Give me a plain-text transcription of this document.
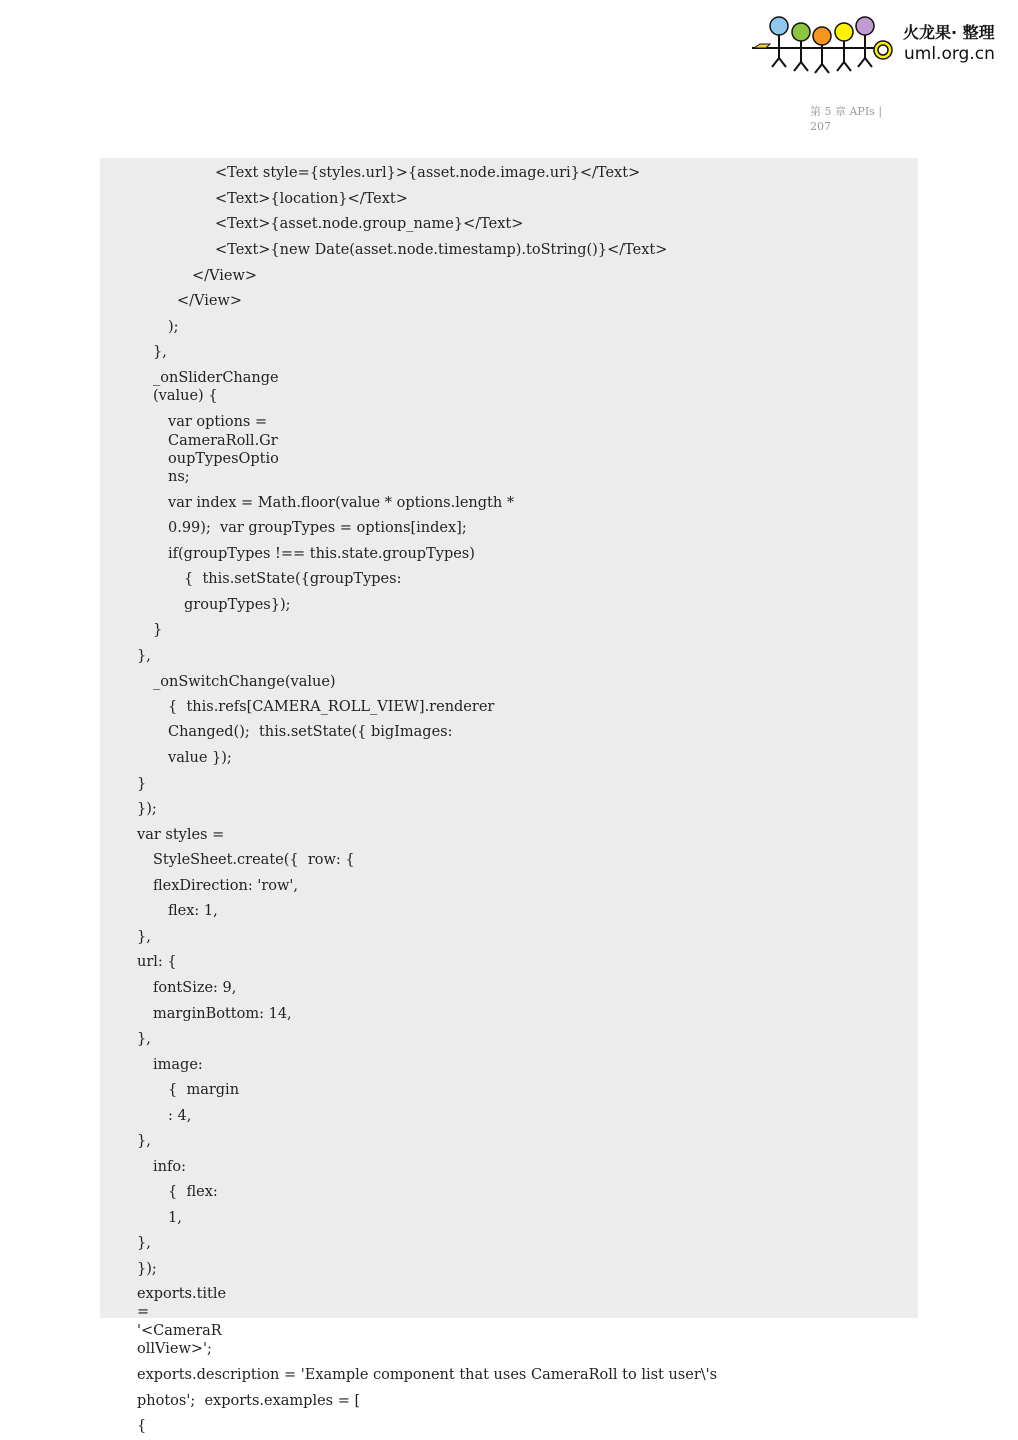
火龙果· 整理
uml.org.cn
第 5 章 APIs |
207
<Text style={styles.url}>{asset.node.image.uri}</Text>
<Text>{location}</Text>
<Text>{asset.node.group_name}</Text>
<Text>{new Date(asset.node.timestamp).toString()}</Text>
</View>
</View>
);
},
_onSliderChange
(value) {
var options =
CameraRoll.Gr
oupTypesOptio
ns;
var index = Math.floor(value * options.length *
0.99);  var groupTypes = options[index];
if(groupTypes !== this.state.groupTypes)
{  this.setState({groupTypes:
groupTypes});
}
},
_onSwitchChange(value)
{  this.refs[CAMERA_ROLL_VIEW].renderer
Changed();  this.setState({ bigImages:
value });
}
});
var styles =
StyleSheet.create({  row: {
flexDirection: 'row',
flex: 1,
},
url: {
fontSize: 9,
marginBottom: 14,
},
image:
{  margin
: 4,
},
info:
{  flex:
1,
},
});
exports.title
=
'<CameraR
ollView>';
exports.description = 'Example component that uses CameraRoll to list user\'s
photos';  exports.examples = [
{
